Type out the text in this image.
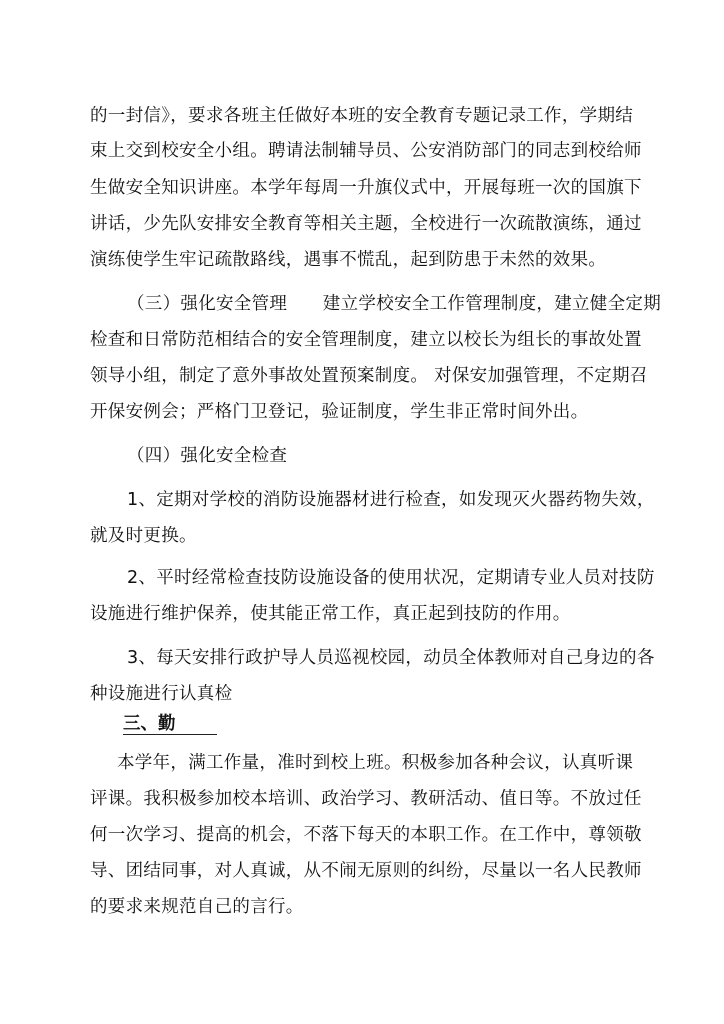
的一封信》，要求各班主任做好本班的安全教育专题记录工作，学期结
束上交到校安全小组。聘请法制辅导员、公安消防部门的同志到校给师
生做安全知识讲座。本学年每周一升旗仪式中，开展每班一次的国旗下
讲话，少先队安排安全教育等相关主题，全校进行一次疏散演练，通过
演练使学生牢记疏散路线，遇事不慌乱，起到防患于未然的效果。
（三）强化安全管理　　建立学校安全工作管理制度，建立健全定期
检查和日常防范相结合的安全管理制度，建立以校长为组长的事故处置
领导小组，制定了意外事故处置预案制度。 对保安加强管理，不定期召
开保安例会；严格门卫登记，验证制度，学生非正常时间外出。
（四）强化安全检查
1、定期对学校的消防设施器材进行检查，如发现灭火器药物失效，
就及时更换。
2、平时经常检查技防设施设备的使用状况，定期请专业人员对技防
设施进行维护保养，使其能正常工作，真正起到技防的作用。
3、每天安排行政护导人员巡视校园，动员全体教师对自己身边的各
种设施进行认真检
三、勤
本学年，满工作量，准时到校上班。积极参加各种会议，认真听课
评课。我积极参加校本培训、政治学习、教研活动、值日等。不放过任
何一次学习、提高的机会，不落下每天的本职工作。在工作中，尊领敬
导、团结同事，对人真诚，从不闹无原则的纠纷，尽量以一名人民教师
的要求来规范自己的言行。
